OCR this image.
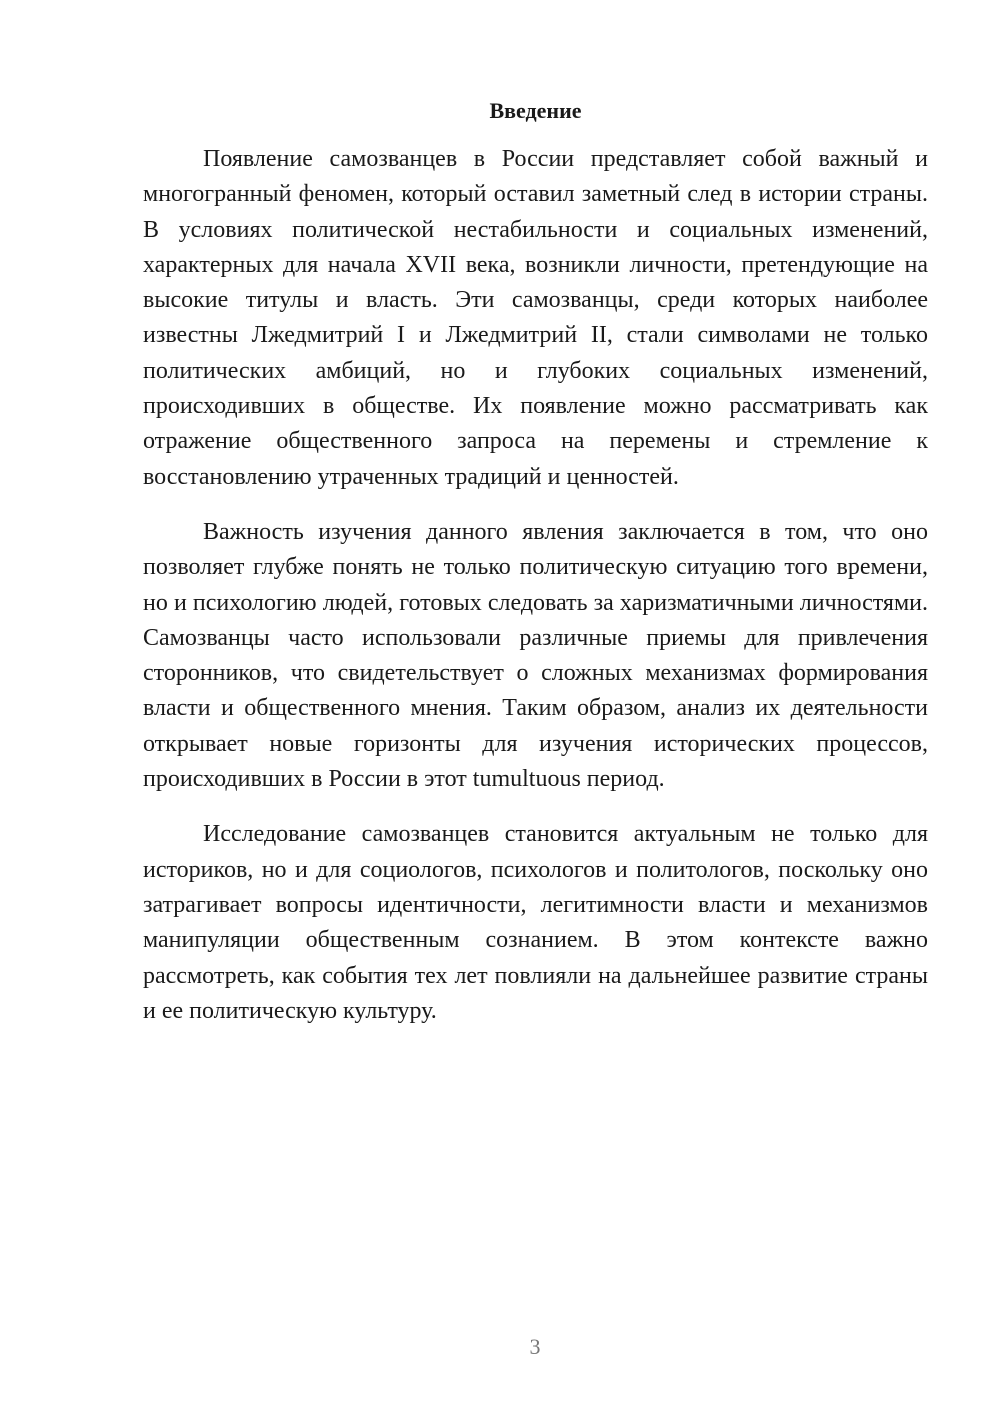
Введение

Появление самозванцев в России представляет собой важный и многогранный феномен, который оставил заметный след в истории страны. В условиях политической нестабильности и социальных изменений, характерных для начала XVII века, возникли личности, претендующие на высокие титулы и власть. Эти самозванцы, среди которых наиболее известны Лжедмитрий I и Лжедмитрий II, стали символами не только политических амбиций, но и глубоких социальных изменений, происходивших в обществе. Их появление можно рассматривать как отражение общественного запроса на перемены и стремление к восстановлению утраченных традиций и ценностей.

Важность изучения данного явления заключается в том, что оно позволяет глубже понять не только политическую ситуацию того времени, но и психологию людей, готовых следовать за харизматичными личностями. Самозванцы часто использовали различные приемы для привлечения сторонников, что свидетельствует о сложных механизмах формирования власти и общественного мнения. Таким образом, анализ их деятельности открывает новые горизонты для изучения исторических процессов, происходивших в России в этот tumultuous период.

Исследование самозванцев становится актуальным не только для историков, но и для социологов, психологов и политологов, поскольку оно затрагивает вопросы идентичности, легитимности власти и механизмов манипуляции общественным сознанием. В этом контексте важно рассмотреть, как события тех лет повлияли на дальнейшее развитие страны и ее политическую культуру.

3
